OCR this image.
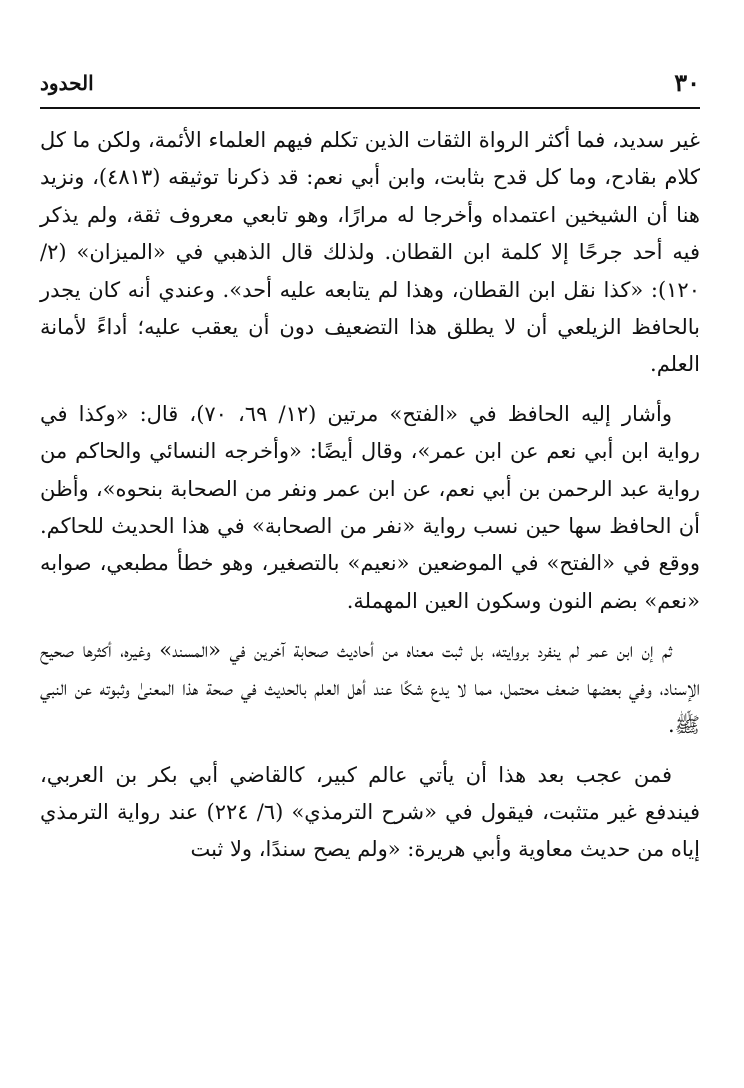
٣٠
الحدود

غير سديد، فما أكثر الرواة الثقات الذين تكلم فيهم العلماء الأئمة، ولكن ما كل كلام بقادح، وما كل قدح بثابت، وابن أبي نعم: قد ذكرنا توثيقه (٤٨١٣)، ونزيد هنا أن الشيخين اعتمداه وأخرجا له مرارًا، وهو تابعي معروف ثقة، ولم يذكر فيه أحد جرحًا إلا كلمة ابن القطان. ولذلك قال الذهبي في «الميزان» (٢/ ١٢٠): «كذا نقل ابن القطان، وهذا لم يتابعه عليه أحد». وعندي أنه كان يجدر بالحافظ الزيلعي أن لا يطلق هذا التضعيف دون أن يعقب عليه؛ أداءً لأمانة العلم.

وأشار إليه الحافظ في «الفتح» مرتين (١٢/ ٦٩، ٧٠)، قال: «وكذا في رواية ابن أبي نعم عن ابن عمر»، وقال أيضًا: «وأخرجه النسائي والحاكم من رواية عبد الرحمن بن أبي نعم، عن ابن عمر ونفر من الصحابة بنحوه»، وأظن أن الحافظ سها حين نسب رواية «نفر من الصحابة» في هذا الحديث للحاكم. ووقع في «الفتح» في الموضعين «نعيم» بالتصغير، وهو خطأ مطبعي، صوابه «نعم» بضم النون وسكون العين المهملة.

ثم إن ابن عمر لم ينفرد بروايته، بل ثبت معناه من أحاديث صحابة آخرين في «المسند» وغيره، أكثرها صحيح الإسناد، وفي بعضها ضعف محتمل، مما لا يدع شكًا عند أهل العلم بالحديث في صحة هذا المعنىٰ وثبوته عن النبي ﷺ.

فمن عجب بعد هذا أن يأتي عالم كبير، كالقاضي أبي بكر بن العربي، فيندفع غير متثبت، فيقول في «شرح الترمذي» (٦/ ٢٢٤) عند رواية الترمذي إياه من حديث معاوية وأبي هريرة: «ولم يصح سندًا، ولا ثبت
